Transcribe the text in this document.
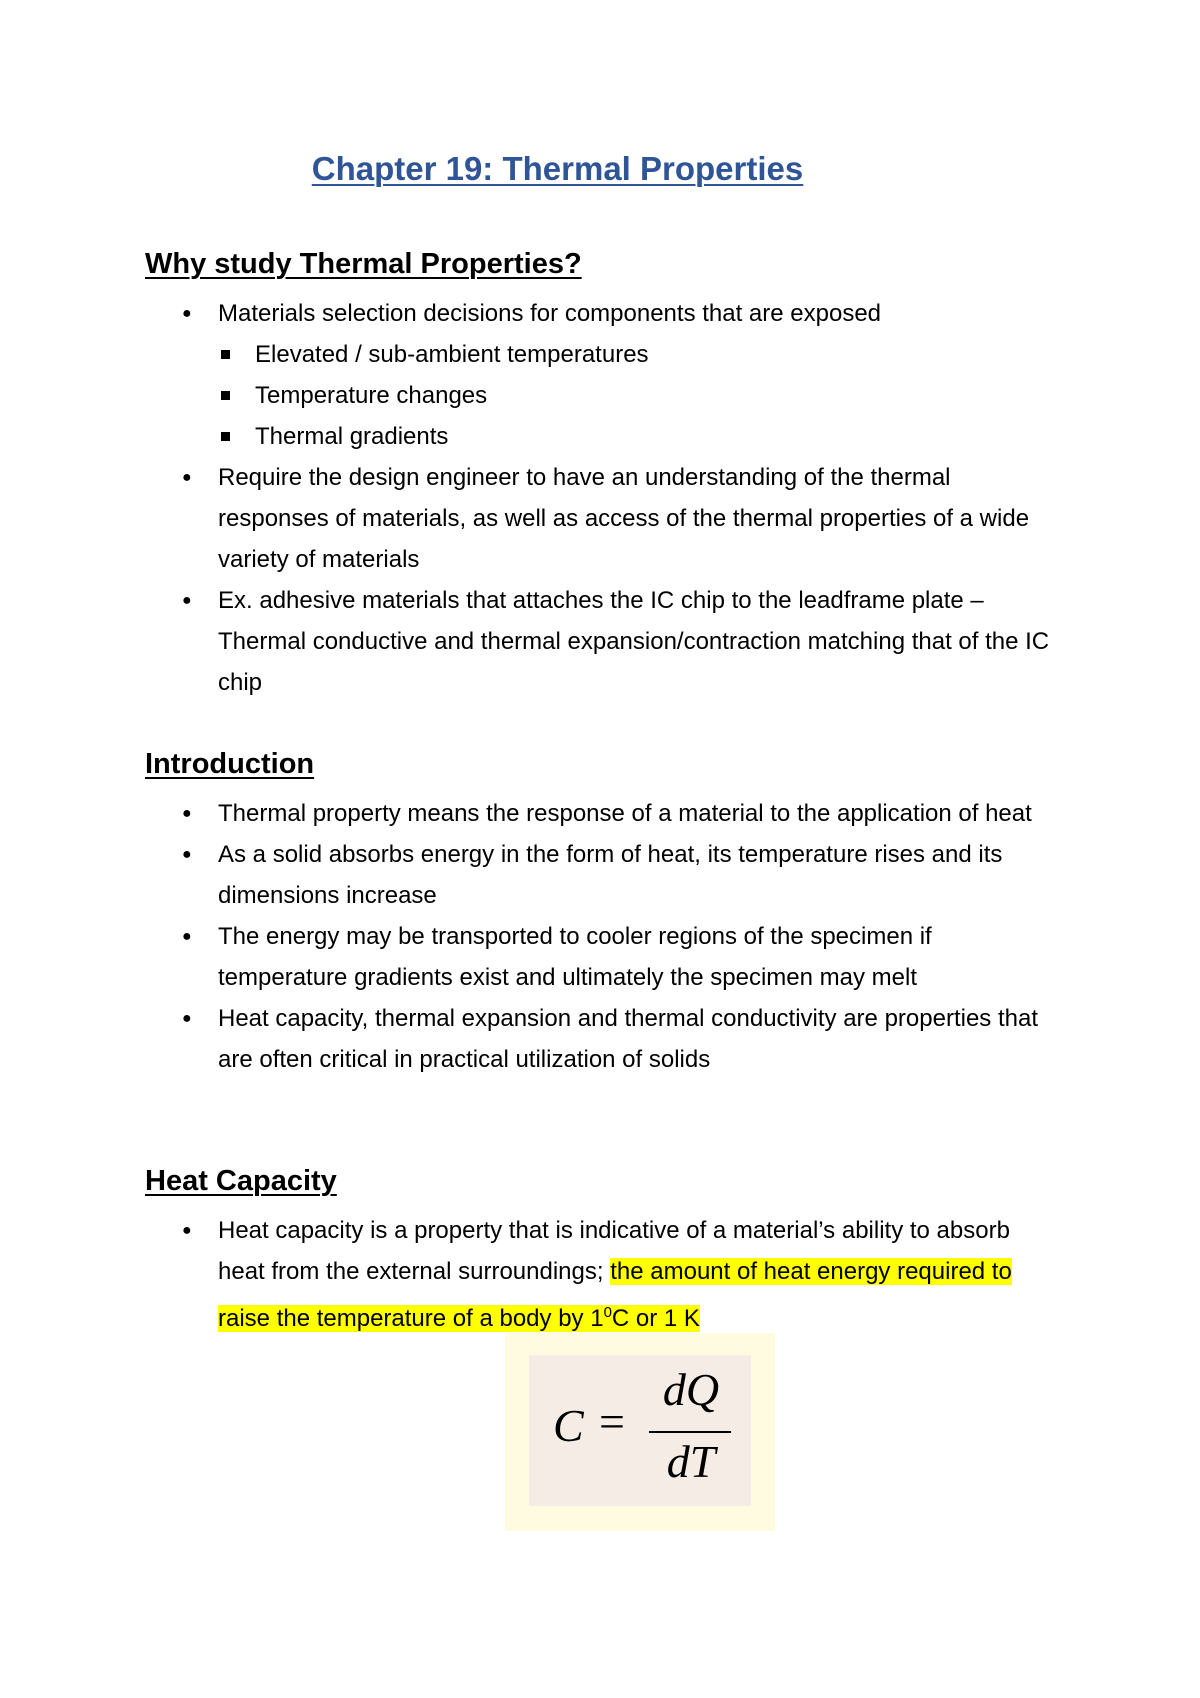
Chapter 19: Thermal Properties
Why study Thermal Properties?
● Materials selection decisions for components that are exposed
Elevated / sub-ambient temperatures
Temperature changes
Thermal gradients
● Require the design engineer to have an understanding of the thermal responses of materials, as well as access of the thermal properties of a wide variety of materials
● Ex. adhesive materials that attaches the IC chip to the leadframe plate – Thermal conductive and thermal expansion/contraction matching that of the IC chip
Introduction
● Thermal property means the response of a material to the application of heat
● As a solid absorbs energy in the form of heat, its temperature rises and its dimensions increase
● The energy may be transported to cooler regions of the specimen if temperature gradients exist and ultimately the specimen may melt
● Heat capacity, thermal expansion and thermal conductivity are properties that are often critical in practical utilization of solids
Heat Capacity
● Heat capacity is a property that is indicative of a material’s ability to absorb heat from the external surroundings; the amount of heat energy required to raise the temperature of a body by $1^0C$ or 1 K
C =
dQ
dT
